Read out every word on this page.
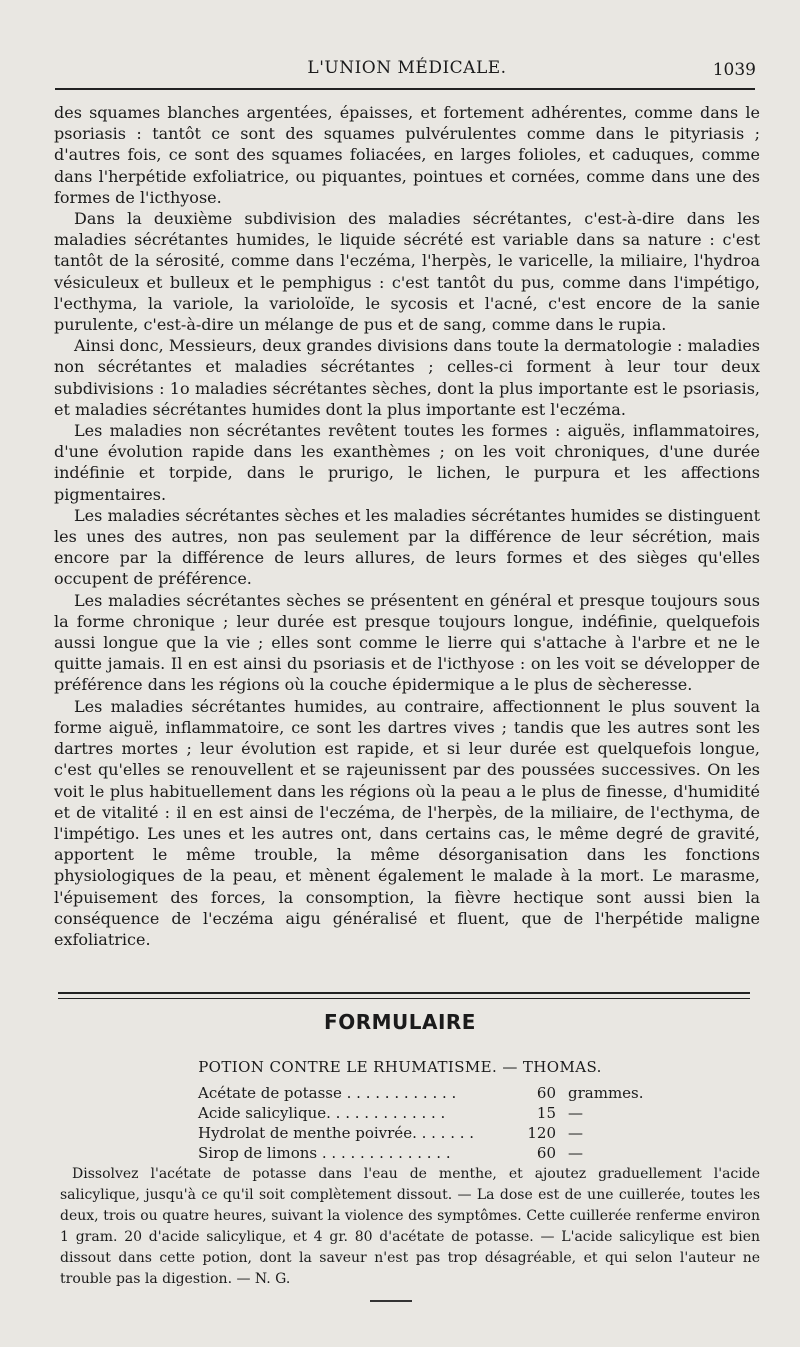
L'UNION MÉDICALE.	1039

des squames blanches argentées, épaisses, et fortement adhérentes, comme dans le psoriasis : tantôt ce sont des squames pulvérulentes comme dans le pityriasis ; d'autres fois, ce sont des squames foliacées, en larges folioles, et caduques, comme dans l'herpétide exfoliatrice, ou piquantes, pointues et cornées, comme dans une des formes de l'icthyose.

Dans la deuxième subdivision des maladies sécrétantes, c'est-à-dire dans les maladies sécrétantes humides, le liquide sécrété est variable dans sa nature : c'est tantôt de la sérosité, comme dans l'eczéma, l'herpès, le varicelle, la miliaire, l'hydroa vésiculeux et bulleux et le pemphigus : c'est tantôt du pus, comme dans l'impétigo, l'ecthyma, la variole, la varioloïde, le sycosis et l'acné, c'est encore de la sanie purulente, c'est-à-dire un mélange de pus et de sang, comme dans le rupia.

Ainsi donc, Messieurs, deux grandes divisions dans toute la dermatologie : maladies non sécrétantes et maladies sécrétantes ; celles-ci forment à leur tour deux subdivisions : 1o maladies sécrétantes sèches, dont la plus importante est le psoriasis, et maladies sécrétantes humides dont la plus importante est l'eczéma.

Les maladies non sécrétantes revêtent toutes les formes : aiguës, inflammatoires, d'une évolution rapide dans les exanthèmes ; on les voit chroniques, d'une durée indéfinie et torpide, dans le prurigo, le lichen, le purpura et les affections pigmentaires.

Les maladies sécrétantes sèches et les maladies sécrétantes humides se distinguent les unes des autres, non pas seulement par la différence de leur sécrétion, mais encore par la différence de leurs allures, de leurs formes et des sièges qu'elles occupent de préférence.

Les maladies sécrétantes sèches se présentent en général et presque toujours sous la forme chronique ; leur durée est presque toujours longue, indéfinie, quelquefois aussi longue que la vie ; elles sont comme le lierre qui s'attache à l'arbre et ne le quitte jamais. Il en est ainsi du psoriasis et de l'icthyose : on les voit se développer de préférence dans les régions où la couche épidermique a le plus de sècheresse.

Les maladies sécrétantes humides, au contraire, affectionnent le plus souvent la forme aiguë, inflammatoire, ce sont les dartres vives ; tandis que les autres sont les dartres mortes ; leur évolution est rapide, et si leur durée est quelquefois longue, c'est qu'elles se renouvellent et se rajeunissent par des poussées successives. On les voit le plus habituellement dans les régions où la peau a le plus de finesse, d'humidité et de vitalité : il en est ainsi de l'eczéma, de l'herpès, de la miliaire, de l'ecthyma, de l'impétigo. Les unes et les autres ont, dans certains cas, le même degré de gravité, apportent le même trouble, la même désorganisation dans les fonctions physiologiques de la peau, et mènent également le malade à la mort. Le marasme, l'épuisement des forces, la consomption, la fièvre hectique sont aussi bien la conséquence de l'eczéma aigu généralisé et fluent, que de l'herpétide maligne exfoliatrice.

FORMULAIRE
POTION CONTRE LE RHUMATISME. — THOMAS.
Acétate de potasse . . . . . . . . . . . .	60 grammes.
Acide salicylique. . . . . . . . . . . . .	15 —
Hydrolat de menthe poivrée. . . . . . .	120 —
Sirop de limons . . . . . . . . . . . . . .	60 —

Dissolvez l'acétate de potasse dans l'eau de menthe, et ajoutez graduellement l'acide salicylique, jusqu'à ce qu'il soit complètement dissout. — La dose est de une cuillerée, toutes les deux, trois ou quatre heures, suivant la violence des symptômes. Cette cuillerée renferme environ 1 gram. 20 d'acide salicylique, et 4 gr. 80 d'acétate de potasse. — L'acide salicylique est bien dissout dans cette potion, dont la saveur n'est pas trop désagréable, et qui selon l'auteur ne trouble pas la digestion. — N. G.
